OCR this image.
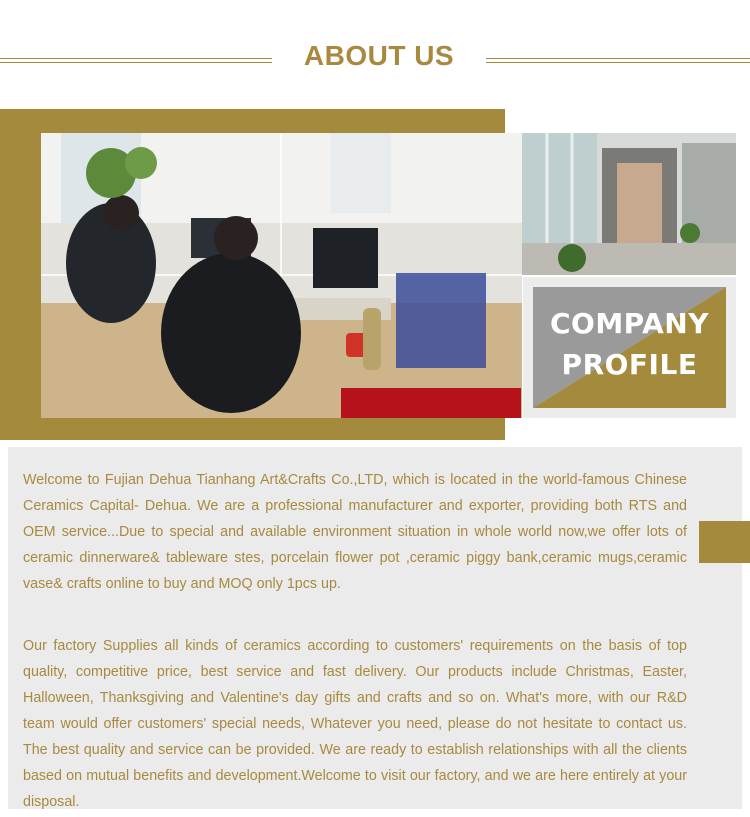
ABOUT US
COMPANY
PROFILE

Welcome to Fujian Dehua Tianhang Art&Crafts Co.,LTD, which is located in the world-famous Chinese Ceramics Capital- Dehua. We are a professional manufacturer and exporter, providing both RTS and OEM service...Due to special and available environment situation in whole world now,we offer lots of ceramic dinnerware& tableware stes, porcelain flower pot ,ceramic piggy bank,ceramic mugs,ceramic vase& crafts online to buy and MOQ only 1pcs up.

Our factory Supplies all kinds of ceramics according to customers' requirements on the basis of top quality, competitive price, best service and fast delivery. Our products include Christmas, Easter, Halloween, Thanksgiving and Valentine's day gifts and crafts and so on. What's more, with our R&D team would offer customers' special needs, Whatever you need, please do not hesitate to contact us. The best quality and service can be provided. We are ready to establish relationships with all the clients based on mutual benefits and development.Welcome to visit our factory, and we are here entirely at your disposal.
